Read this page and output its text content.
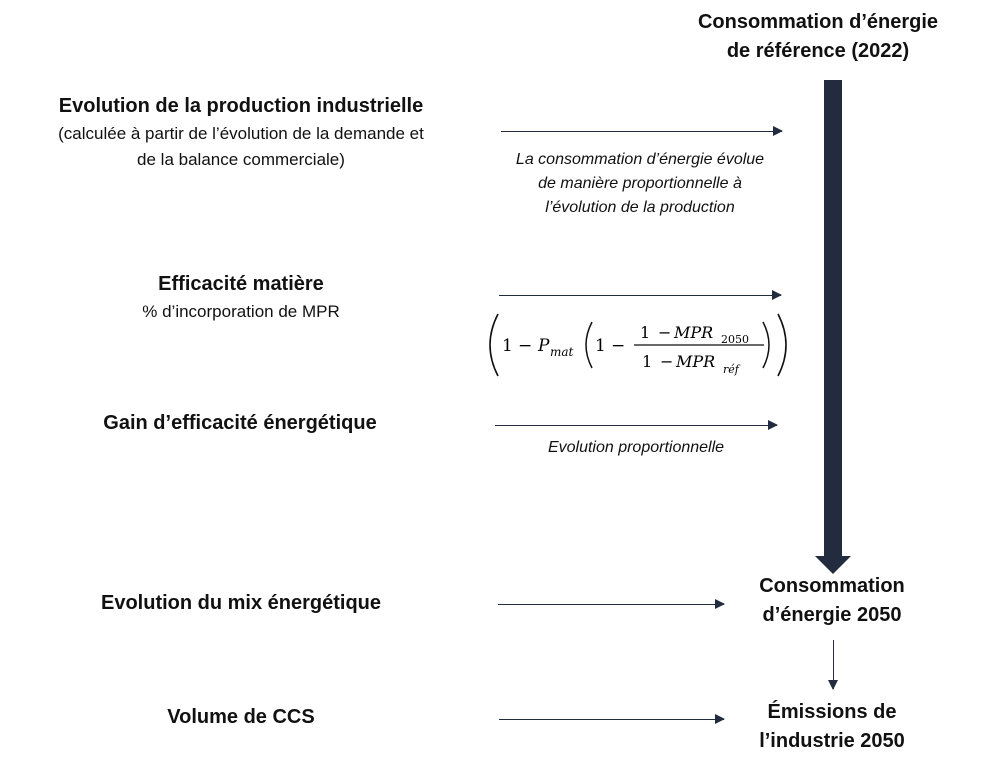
Consommation d’énergie
de référence (2022)
Evolution de la production industrielle
(calculée à partir de l’évolution de la demande et
de la balance commerciale)	La consommation d’énergie évolue
de manière proportionnelle à
l’évolution de la production
Efficacité matière
% d’incorporation de MPR
1 − P mat 1 −
1 − MPR 2050
1 − MPR réf
Gain d’efficacité énergétique
Evolution proportionnelle
Consommation
d’énergie 2050
Evolution du mix énergétique
Émissions de
l’industrie 2050
Volume de CCS
